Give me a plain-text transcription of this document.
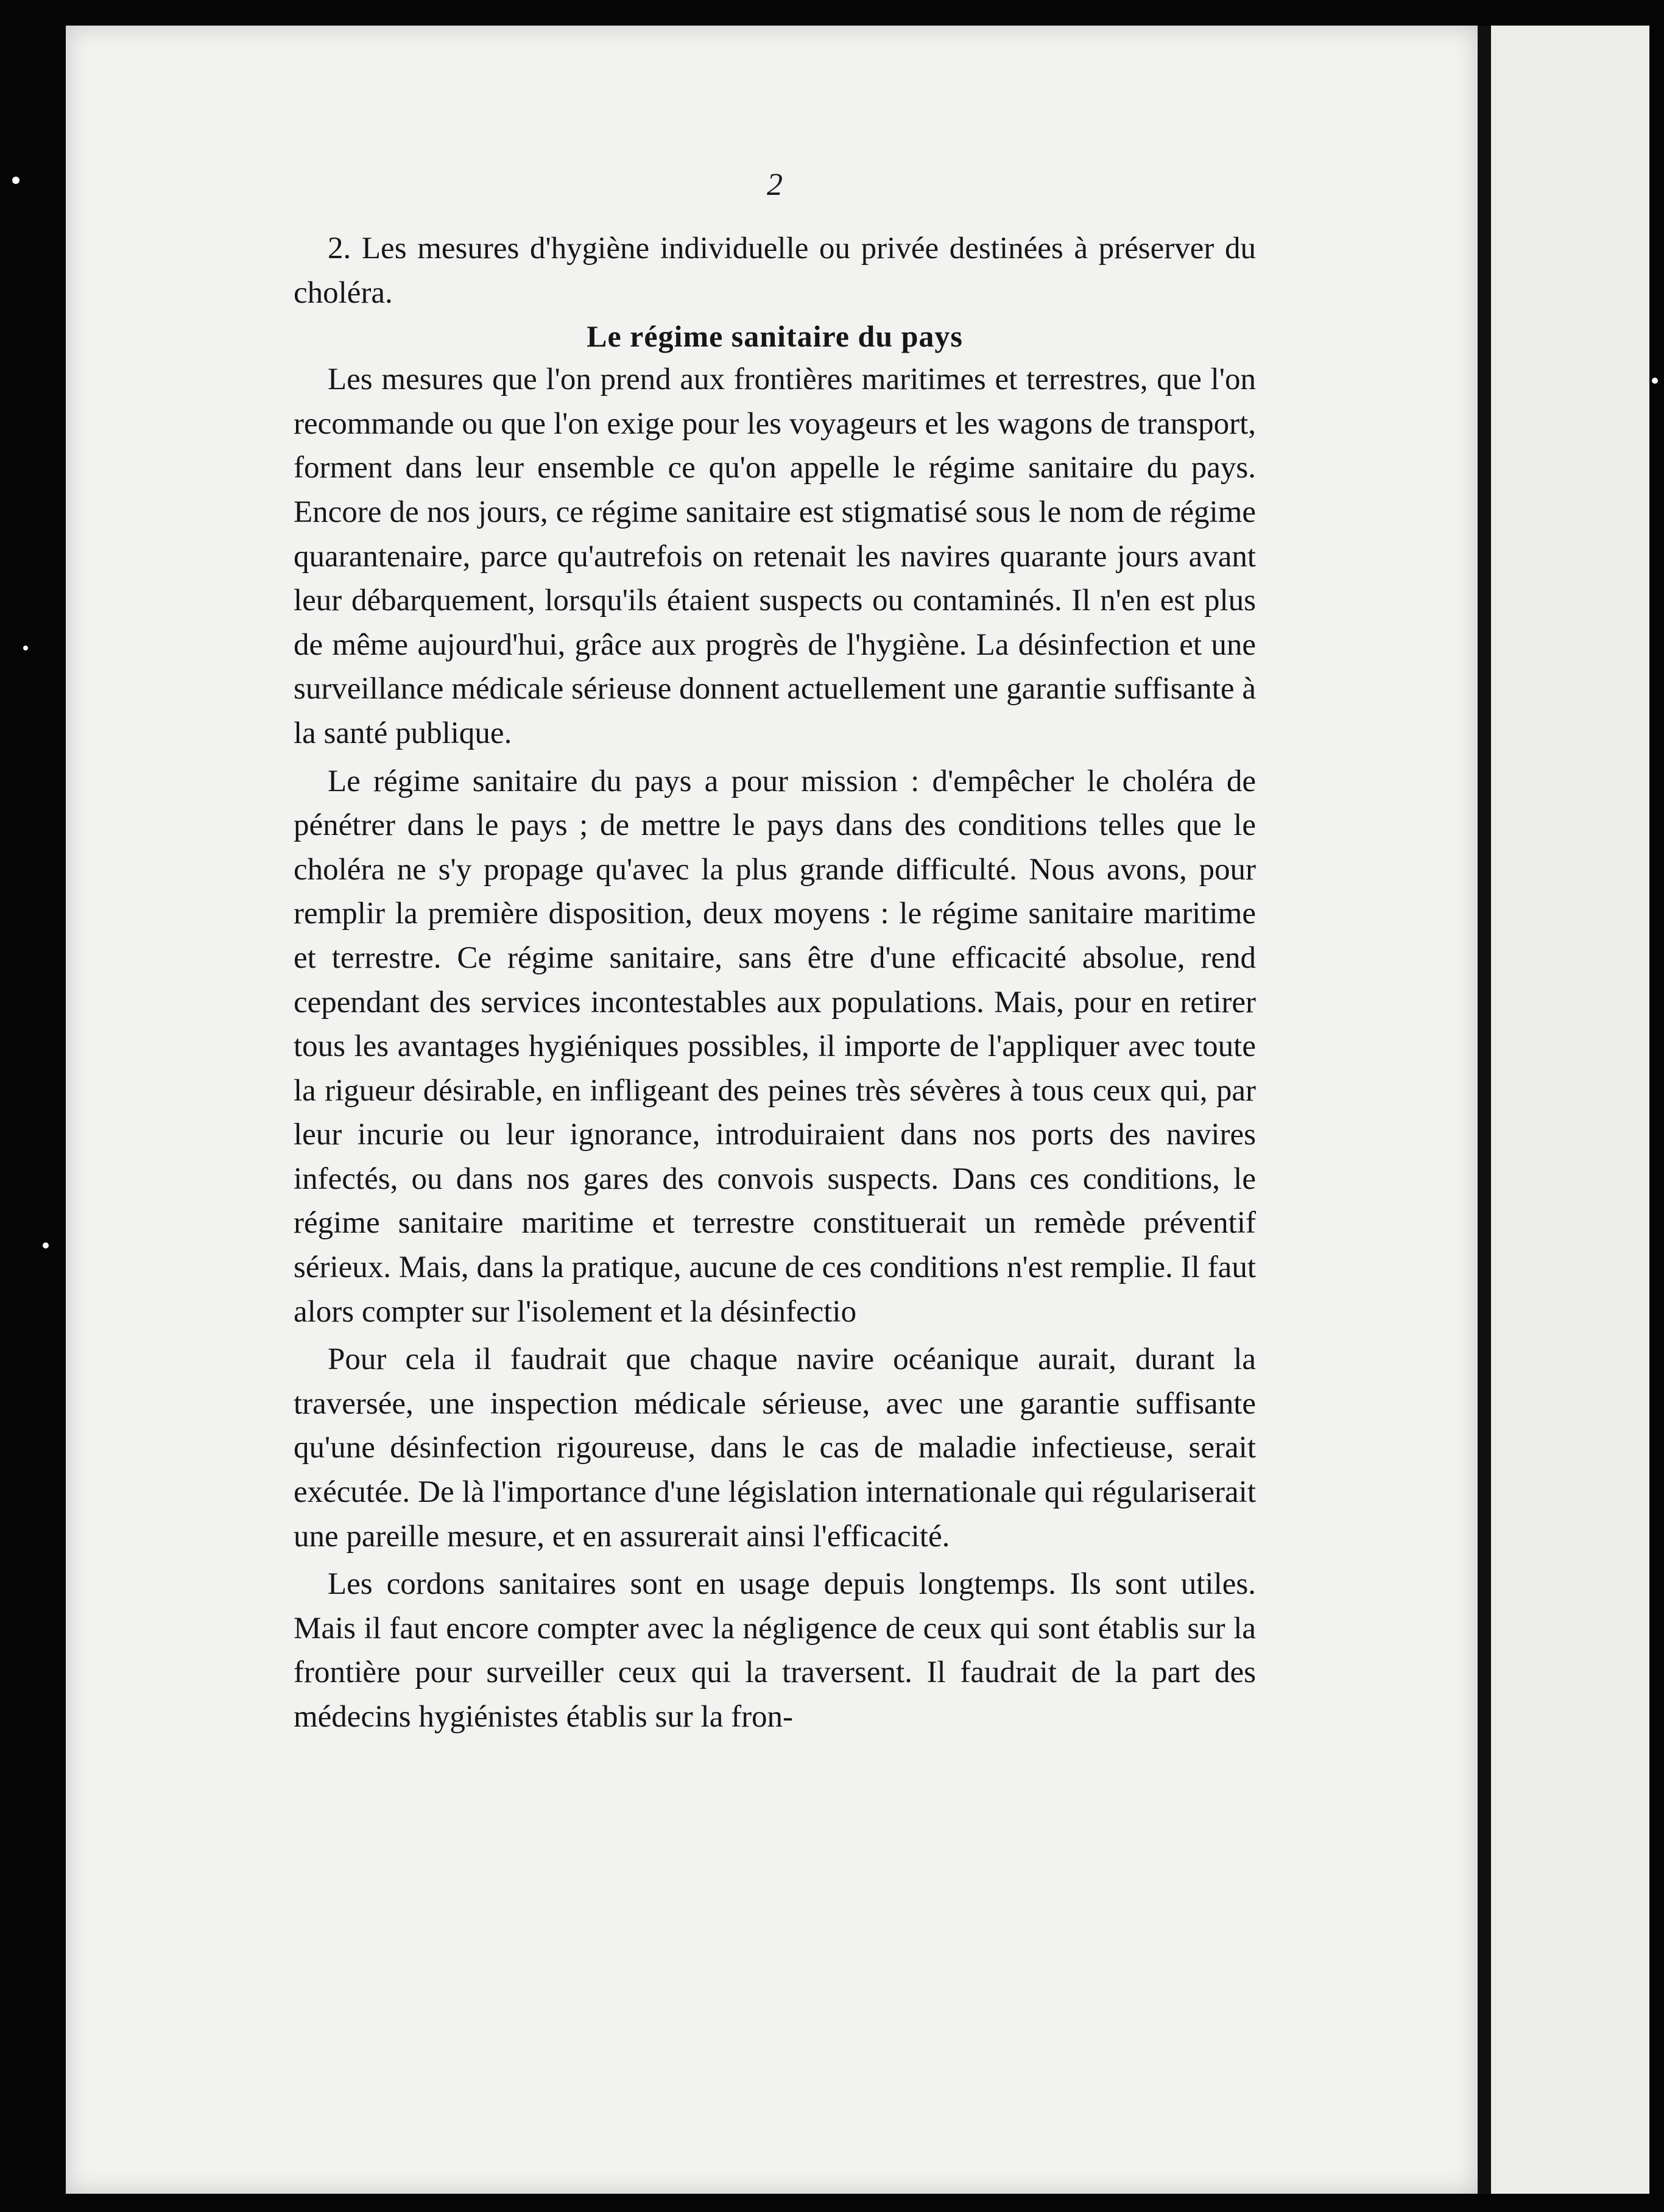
2

2. Les mesures d'hygiène individuelle ou privée destinées à préserver du choléra.

Le régime sanitaire du pays

Les mesures que l'on prend aux frontières maritimes et terrestres, que l'on recommande ou que l'on exige pour les voyageurs et les wagons de transport, forment dans leur ensemble ce qu'on appelle le régime sanitaire du pays. Encore de nos jours, ce régime sanitaire est stigmatisé sous le nom de régime quarantenaire, parce qu'autrefois on retenait les navires quarante jours avant leur débarquement, lorsqu'ils étaient suspects ou contaminés. Il n'en est plus de même aujourd'hui, grâce aux progrès de l'hygiène. La désinfection et une surveillance médicale sérieuse donnent actuellement une garantie suffisante à la santé publique.

Le régime sanitaire du pays a pour mission : d'empêcher le choléra de pénétrer dans le pays ; de mettre le pays dans des conditions telles que le choléra ne s'y propage qu'avec la plus grande difficulté. Nous avons, pour remplir la première disposition, deux moyens : le régime sanitaire maritime et terrestre. Ce régime sanitaire, sans être d'une efficacité absolue, rend cependant des services incontestables aux populations. Mais, pour en retirer tous les avantages hygiéniques possibles, il importe de l'appliquer avec toute la rigueur désirable, en infligeant des peines très sévères à tous ceux qui, par leur incurie ou leur ignorance, introduiraient dans nos ports des navires infectés, ou dans nos gares des convois suspects. Dans ces conditions, le régime sanitaire maritime et terrestre constituerait un remède préventif sérieux. Mais, dans la pratique, aucune de ces conditions n'est remplie. Il faut alors compter sur l'isolement et la désinfectio

Pour cela il faudrait que chaque navire océanique aurait, durant la traversée, une inspection médicale sérieuse, avec une garantie suffisante qu'une désinfection rigoureuse, dans le cas de maladie infectieuse, serait exécutée. De là l'importance d'une législation internationale qui régulariserait une pareille mesure, et en assurerait ainsi l'efficacité.

Les cordons sanitaires sont en usage depuis longtemps. Ils sont utiles. Mais il faut encore compter avec la négligence de ceux qui sont établis sur la frontière pour surveiller ceux qui la traversent. Il faudrait de la part des médecins hygiénistes établis sur la fron-
